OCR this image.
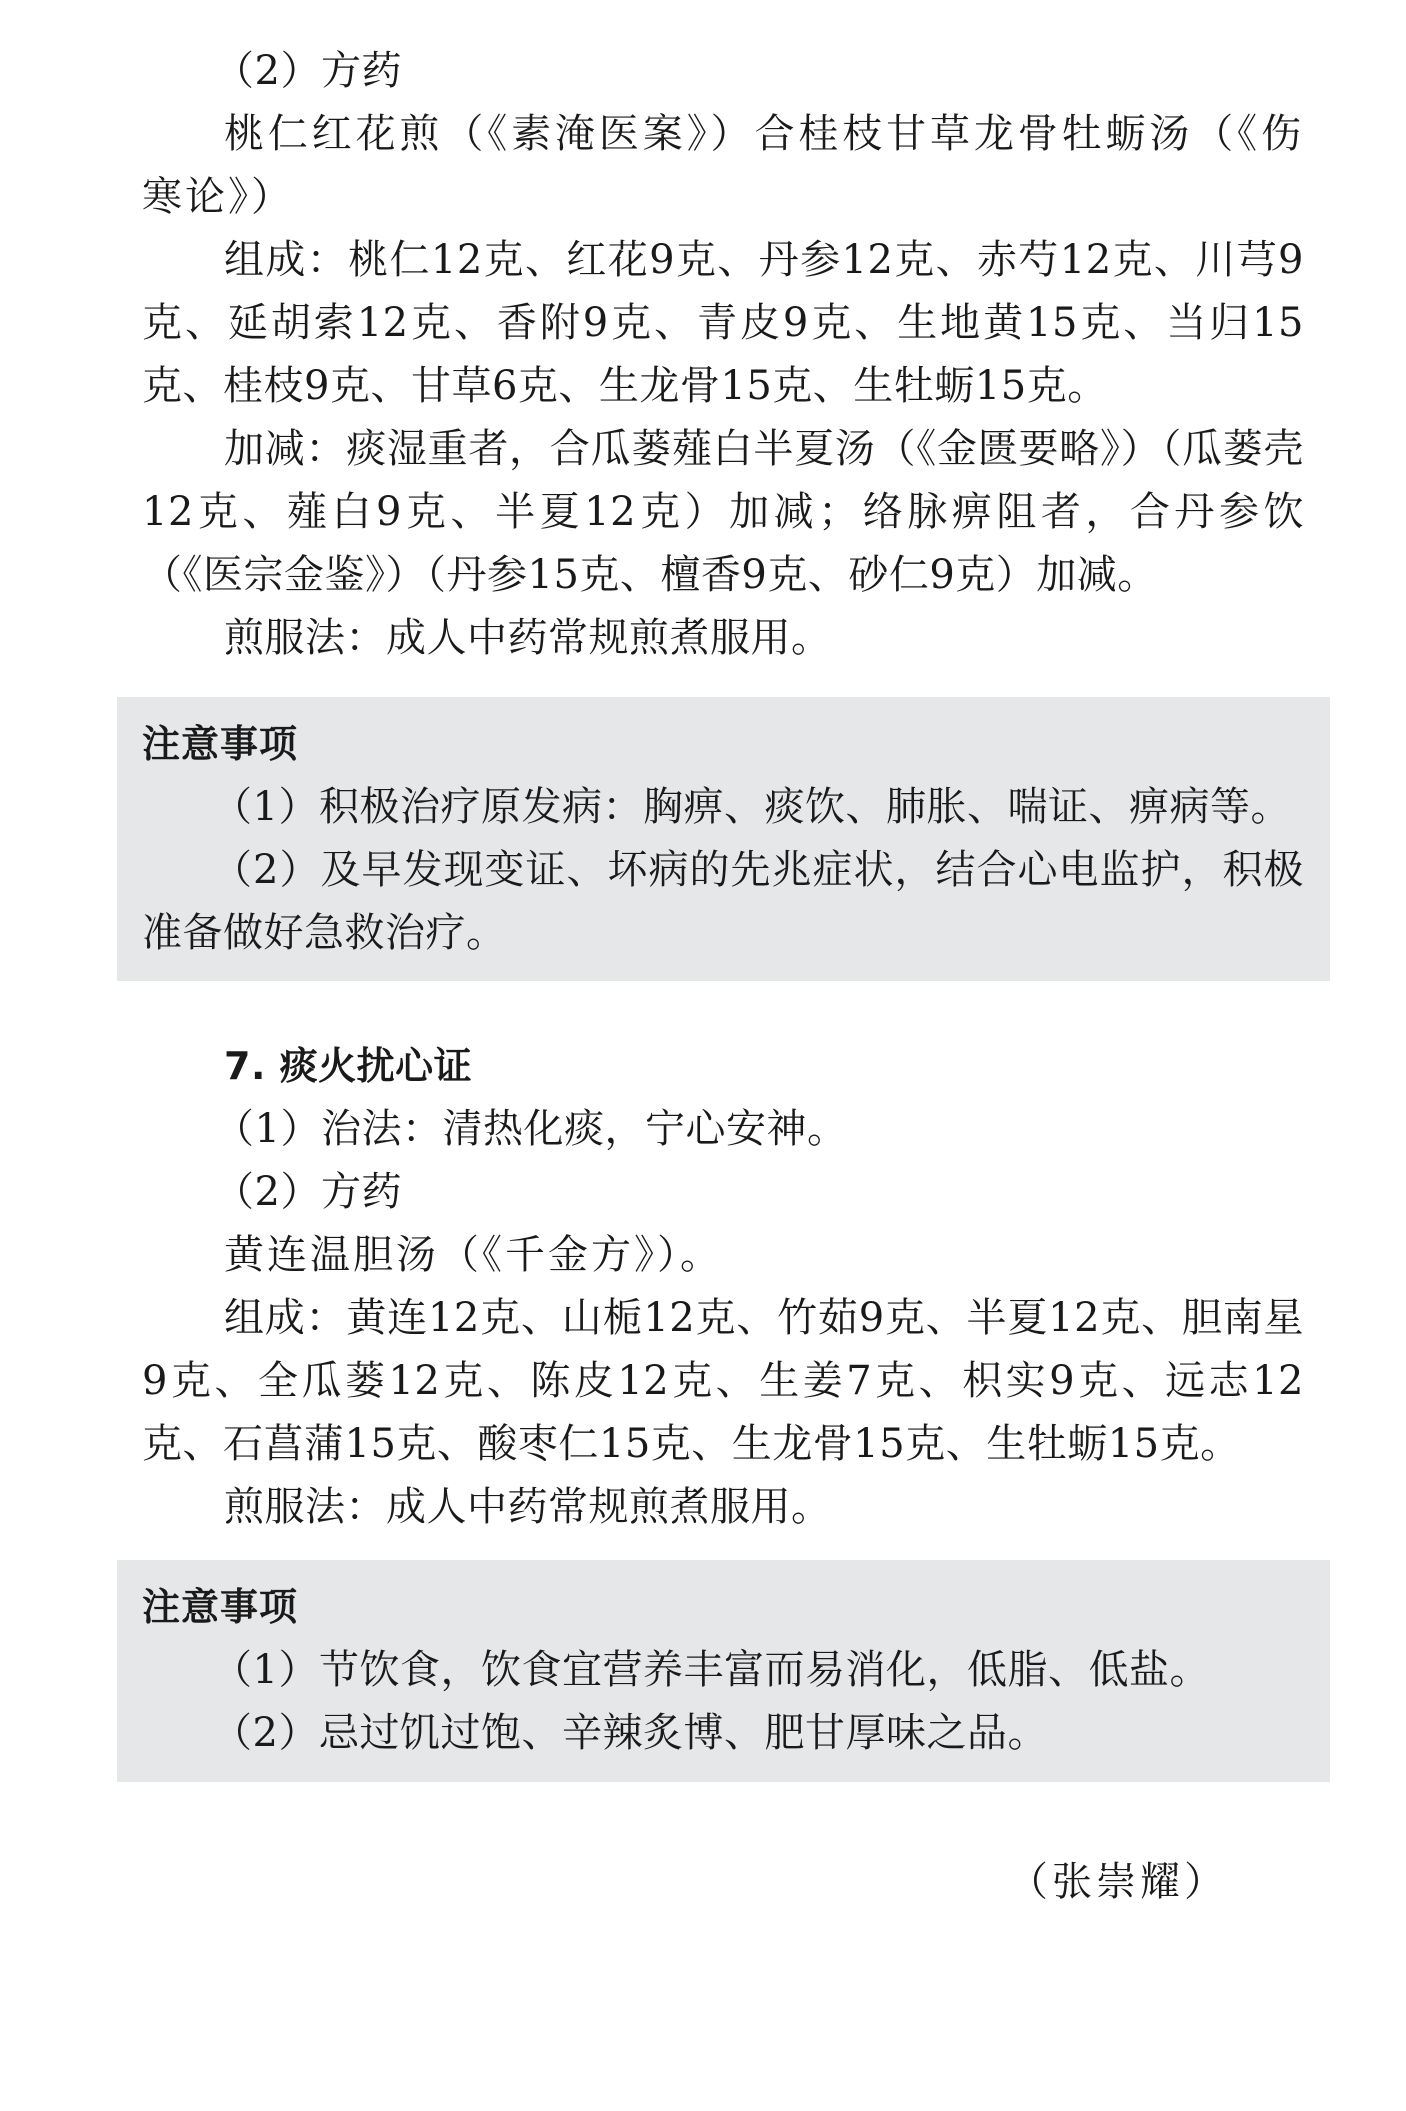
（2）方药

桃仁红花煎（《素淹医案》）合桂枝甘草龙骨牡蛎汤（《伤寒论》）

组成：桃仁12克、红花9克、丹参12克、赤芍12克、川芎9克、延胡索12克、香附9克、青皮9克、生地黄15克、当归15克、桂枝9克、甘草6克、生龙骨15克、生牡蛎15克。

加减：痰湿重者，合瓜蒌薤白半夏汤（《金匮要略》）（瓜蒌壳12克、薤白9克、半夏12克）加减；络脉痹阻者，合丹参饮（《医宗金鉴》）（丹参15克、檀香9克、砂仁9克）加减。

煎服法：成人中药常规煎煮服用。

注意事项

（1）积极治疗原发病：胸痹、痰饮、肺胀、喘证、痹病等。

（2）及早发现变证、坏病的先兆症状，结合心电监护，积极准备做好急救治疗。

7. 痰火扰心证

（1）治法：清热化痰，宁心安神。

（2）方药

黄连温胆汤（《千金方》）。

组成：黄连12克、山栀12克、竹茹9克、半夏12克、胆南星9克、全瓜蒌12克、陈皮12克、生姜7克、枳实9克、远志12克、石菖蒲15克、酸枣仁15克、生龙骨15克、生牡蛎15克。

煎服法：成人中药常规煎煮服用。

注意事项

（1）节饮食，饮食宜营养丰富而易消化，低脂、低盐。

（2）忌过饥过饱、辛辣炙博、肥甘厚味之品。

（张崇耀）
